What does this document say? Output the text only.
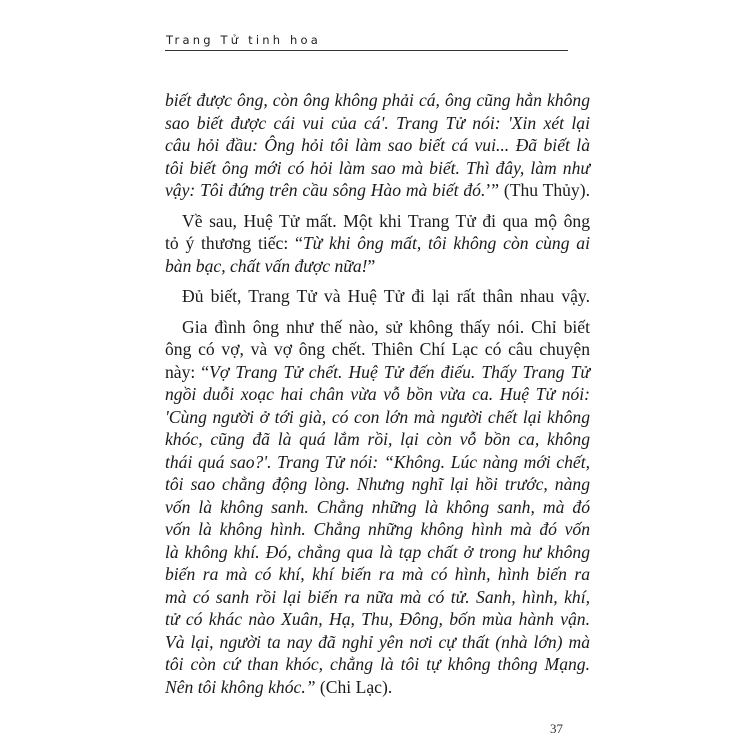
Trang Tử tinh hoa
biết được ông, còn ông không phải cá, ông cũng hẳn không
sao biết được cái vui của cá'. Trang Tử nói: 'Xin xét lại
câu hỏi đầu: Ông hỏi tôi làm sao biết cá vui... Đã biết là
tôi biết ông mới có hỏi làm sao mà biết. Thì đây, làm như
vậy: Tôi đứng trên cầu sông Hào mà biết đó.’” (Thu Thủy).
Về sau, Huệ Tử mất. Một khi Trang Tử đi qua mộ ông
tỏ ý thương tiếc: “Từ khi ông mất, tôi không còn cùng ai
bàn bạc, chất vấn được nữa!”
Đủ biết, Trang Tử và Huệ Tử đi lại rất thân nhau vậy.
Gia đình ông như thế nào, sử không thấy nói. Chỉ biết
ông có vợ, và vợ ông chết. Thiên Chí Lạc có câu chuyện
này: “Vợ Trang Tử chết. Huệ Tử đến điếu. Thấy Trang Tử
ngồi duỗi xoạc hai chân vừa vỗ bồn vừa ca. Huệ Tử nói:
'Cùng người ở tới già, có con lớn mà người chết lại không
khóc, cũng đã là quá lắm rồi, lại còn vỗ bồn ca, không
thái quá sao?'. Trang Tử nói: “Không. Lúc nàng mới chết,
tôi sao chẳng động lòng. Nhưng nghĩ lại hồi trước, nàng
vốn là không sanh. Chẳng những là không sanh, mà đó
vốn là không hình. Chẳng những không hình mà đó vốn
là không khí. Đó, chẳng qua là tạp chất ở trong hư không
biến ra mà có khí, khí biến ra mà có hình, hình biến ra
mà có sanh rồi lại biến ra nữa mà có tử. Sanh, hình, khí,
tử có khác nào Xuân, Hạ, Thu, Đông, bốn mùa hành vận.
Và lại, người ta nay đã nghỉ yên nơi cự thất (nhà lớn) mà
tôi còn cứ than khóc, chẳng là tôi tự không thông Mạng.
Nên tôi không khóc.” (Chi Lạc).
37
